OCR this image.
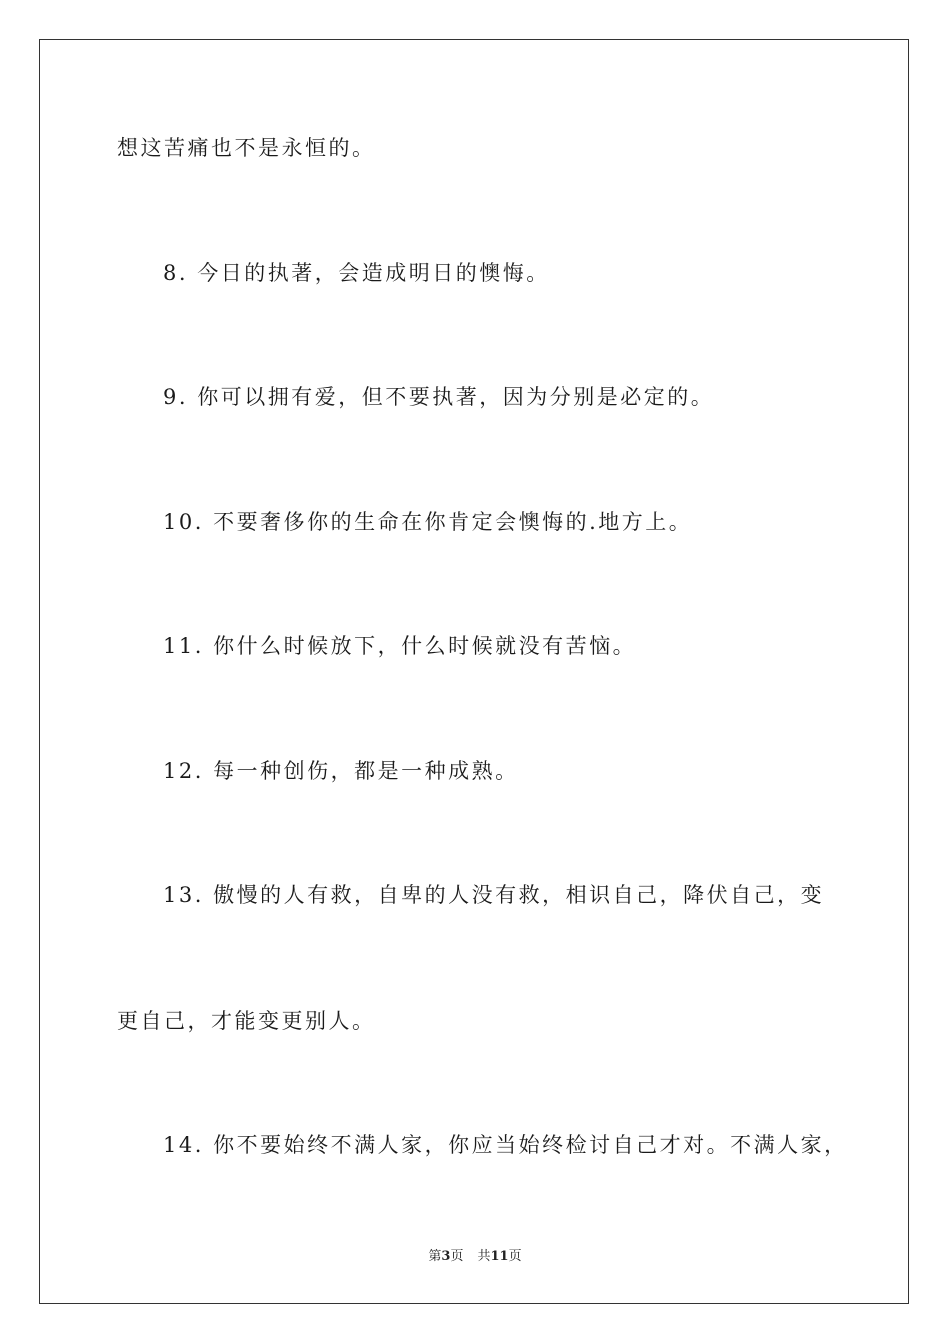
想这苦痛也不是永恒的。
8. 今日的执著，会造成明日的懊悔。
9. 你可以拥有爱，但不要执著，因为分别是必定的。
10. 不要奢侈你的生命在你肯定会懊悔的.地方上。
11. 你什么时候放下，什么时候就没有苦恼。
12. 每一种创伤，都是一种成熟。
13. 傲慢的人有救，自卑的人没有救，相识自己，降伏自己，变
更自己，才能变更别人。
14. 你不要始终不满人家，你应当始终检讨自己才对。不满人家，
第3页 共11页
